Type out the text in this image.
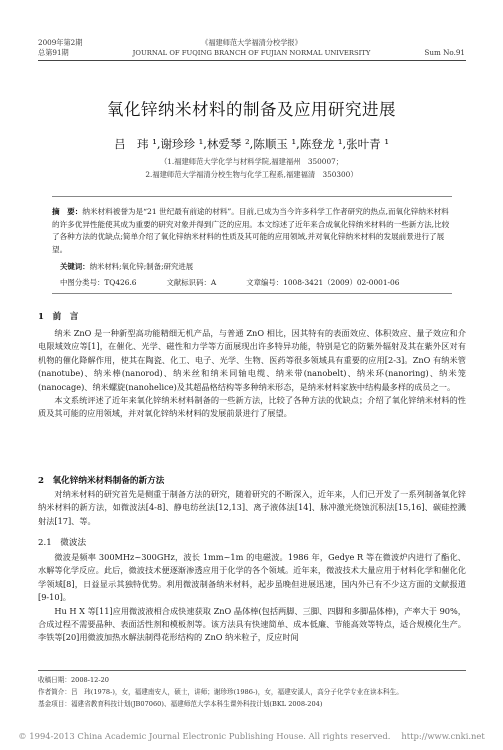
2009年第2期
总第91期
《福建师范大学福清分校学报》
JOURNAL OF FUQING BRANCH OF FUJIAN NORMAL UNIVERSITY	Sum No.91
氧化锌纳米材料的制备及应用研究进展
吕　玮 ¹,谢珍珍 ¹,林爱琴 ²,陈顺玉 ¹,陈登龙 ¹,张叶青 ¹
（1.福建师范大学化学与材料学院,福建福州　350007；
2.福建师范大学福清分校生物与化学工程系,福建福清　350300）
摘　要：纳米材料被誉为是“21 世纪最有前途的材料”。目前,已成为当今许多科学工作者研究的热点,而氧化锌纳米材料的许多优异性能使其成为重要的研究对象并得到广泛的应用。本文综述了近年来合成氧化锌纳米材料的一些新方法,比较了各种方法的优缺点;简单介绍了氧化锌纳米材料的性质及其可能的应用领域,并对氧化锌纳米材料的发展前景进行了展望。
关键词：纳米材料;氧化锌;制备;研究进展
中图分类号：TQ426.6	文献标识码：A	文章编号：1008-3421（2009）02-0001-06
1　前　言

纳米 ZnO 是一种新型高功能精细无机产品，与普通 ZnO 相比，因其特有的表面效应、体积效应、量子效应和介电限域效应等[1]，在催化、光学、磁性和力学等方面展现出许多特异功能，特别是它的防紫外辐射及其在紫外区对有机物的催化降解作用，使其在陶瓷、化工、电子、光学、生物、医药等很多领域具有重要的应用[2-3]。ZnO 有纳米管(nanotube)、纳米棒(nanorod)、纳米丝和纳米同轴电缆、纳米带(nanobelt)、纳米环(nanoring)、纳米笼(nanocage)、纳米螺旋(nanohelice)及其超晶格结构等多种纳米形态，是纳米材料家族中结构最多样的成员之一。

本文系统评述了近年来氧化锌纳米材料制备的一些新方法，比较了各种方法的优缺点；介绍了氧化锌纳米材料的性质及其可能的应用领域，并对氧化锌纳米材料的发展前景进行了展望。

2　氧化锌纳米材料制备的新方法

对纳米材料的研究首先是侧重于制备方法的研究，随着研究的不断深入，近年来，人们已开发了一系列制备氧化锌纳米材料的新方法，如微波法[4-8]、静电纺丝法[12,13]、离子液体法[14]、脉冲激光烧蚀沉积法[15,16]、碳硅控溅射法[17]、等。

2.1　微波法

微波是频率 300MHz~300GHz，波长 1mm~1m 的电磁波。1986 年，Gedye R 等在微波炉内进行了酯化、水解等化学反应。此后，微波技术便逐渐渗透应用于化学的各个领域。近年来，微波技术大量应用于材料化学和催化化学领域[8]，日益显示其独特优势。利用微波制备纳米材料，起步虽晚但进展迅速，国内外已有不少这方面的文献报道[9-10]。

Hu H X 等[11]应用微波液相合成快速获取 ZnO 晶体棒(包括两脚、三脚、四脚和多脚晶体棒)，产率大于 90%，合成过程不需要晶种、表面活性剂和模板剂等。该方法具有快速简单、成本低廉、节能高效等特点，适合规模化生产。李铁等[20]用微波加热水解法制得花形结构的 ZnO 纳米粒子，反应时间

收稿日期：2008-12-20
作者简介：吕　玮(1978-)，女，福建南安人，硕士，讲师；谢珍珍(1986-)，女，福建安溪人，高分子化学专业在读本科生。
基金项目：福建省教育科技计划(JB07060)、福建师范大学本科生课外科技计划(BKL 2008-204)
© 1994-2013 China Academic Journal Electronic Publishing House. All rights reserved.　 http://www.cnki.net
